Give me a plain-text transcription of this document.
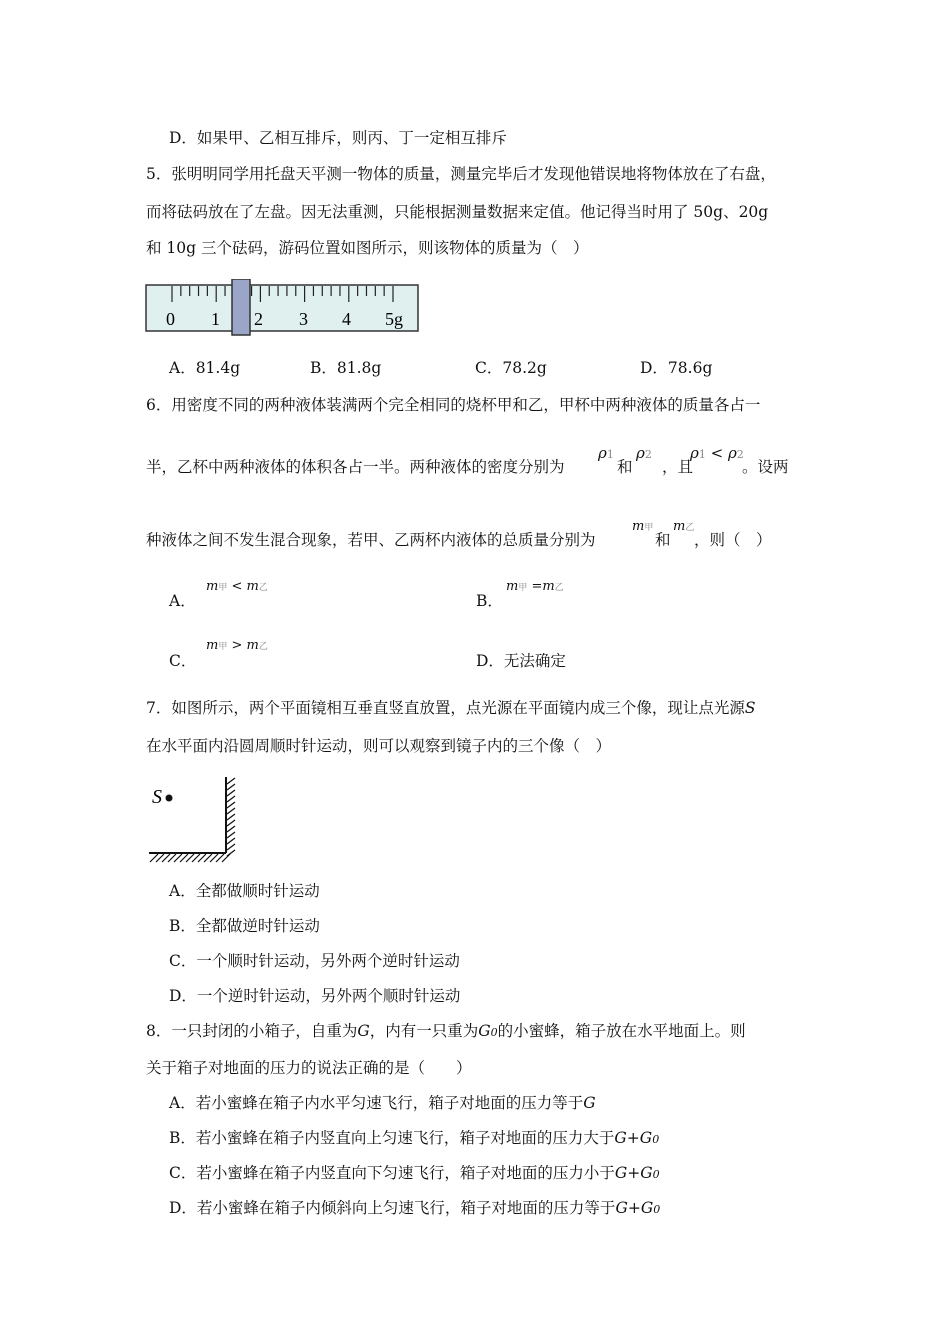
D．如果甲、乙相互排斥，则丙、丁一定相互排斥
5．张明明同学用托盘天平测一物体的质量，测量完毕后才发现他错误地将物体放在了右盘，
而将砝码放在了左盘。因无法重测，只能根据测量数据来定值。他记得当时用了 50g、20g
和 10g 三个砝码，游码位置如图所示，则该物体的质量为（　）
0 1 2 3 4 5g
A．81.4g	B．81.8g	C．78.2g	D．78.6g
6．用密度不同的两种液体装满两个完全相同的烧杯甲和乙，甲杯中两种液体的质量各占一
半，乙杯中两种液体的体积各占一半。两种液体的密度分别为
ρ1
和
ρ2
，且
ρ1 < ρ2
。设两
种液体之间不发生混合现象，若甲、乙两杯内液体的总质量分别为
m甲
和
m乙
，则（　）
A．
m甲 < m乙
B．
m甲 =m乙
C．
m甲 > m乙
D．无法确定
7．如图所示，两个平面镜相互垂直竖直放置，点光源在平面镜内成三个像，现让点光源S
在水平面内沿圆周顺时针运动，则可以观察到镜子内的三个像（　）
S
A．全都做顺时针运动
B．全都做逆时针运动
C．一个顺时针运动，另外两个逆时针运动
D．一个逆时针运动，另外两个顺时针运动
8．一只封闭的小箱子，自重为G，内有一只重为G0的小蜜蜂，箱子放在水平地面上。则
关于箱子对地面的压力的说法正确的是（　　）
A．若小蜜蜂在箱子内水平匀速飞行，箱子对地面的压力等于G
B．若小蜜蜂在箱子内竖直向上匀速飞行，箱子对地面的压力大于G+G0
C．若小蜜蜂在箱子内竖直向下匀速飞行，箱子对地面的压力小于G+G0
D．若小蜜蜂在箱子内倾斜向上匀速飞行，箱子对地面的压力等于G+G0
